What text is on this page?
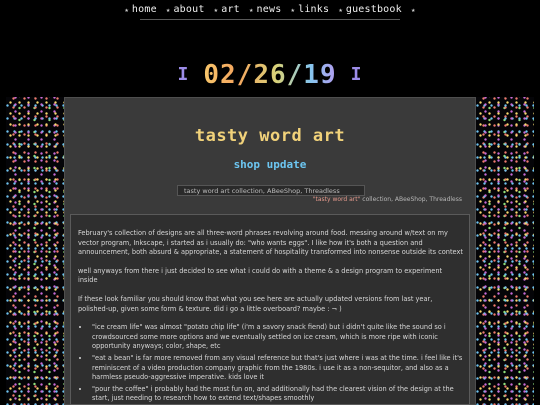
★ home ★ about ★ art ★ news ★ links ★ guestbook ★
I 02/26/19 I
tasty word art
shop update
tasty word art collection, ABeeShop, Threadless
"tasty word art" collection, ABeeShop, Threadless

February's collection of designs are all three-word phrases revolving around food. messing around w/text on my vector program, Inkscape, i started as i usually do: "who wants eggs". I like how it's both a question and announcement, both absurd & appropriate, a statement of hospitality transformed into nonsense outside its context

well anyways from there i just decided to see what i could do with a theme & a design program to experiment inside

If these look familiar you should know that what you see here are actually updated versions from last year, polished-up, given some form & texture. did i go a little overboard? maybe : ¬ )

• "ice cream life" was almost "potato chip life" (i'm a savory snack fiend) but i didn't quite like the sound so i crowdsourced some more options and we eventually settled on ice cream, which is more ripe with iconic opportunity anyways; color, shape, etc
• "eat a bean" is far more removed from any visual reference but that's just where i was at the time. i feel like it's reminiscent of a video production company graphic from the 1980s. i use it as a non-sequitor, and also as a harmless pseudo-aggressive imperative. kids love it
• "pour the coffee" i probably had the most fun on, and additionally had the clearest vision of the design at the start, just needing to research how to extend text/shapes smoothly
